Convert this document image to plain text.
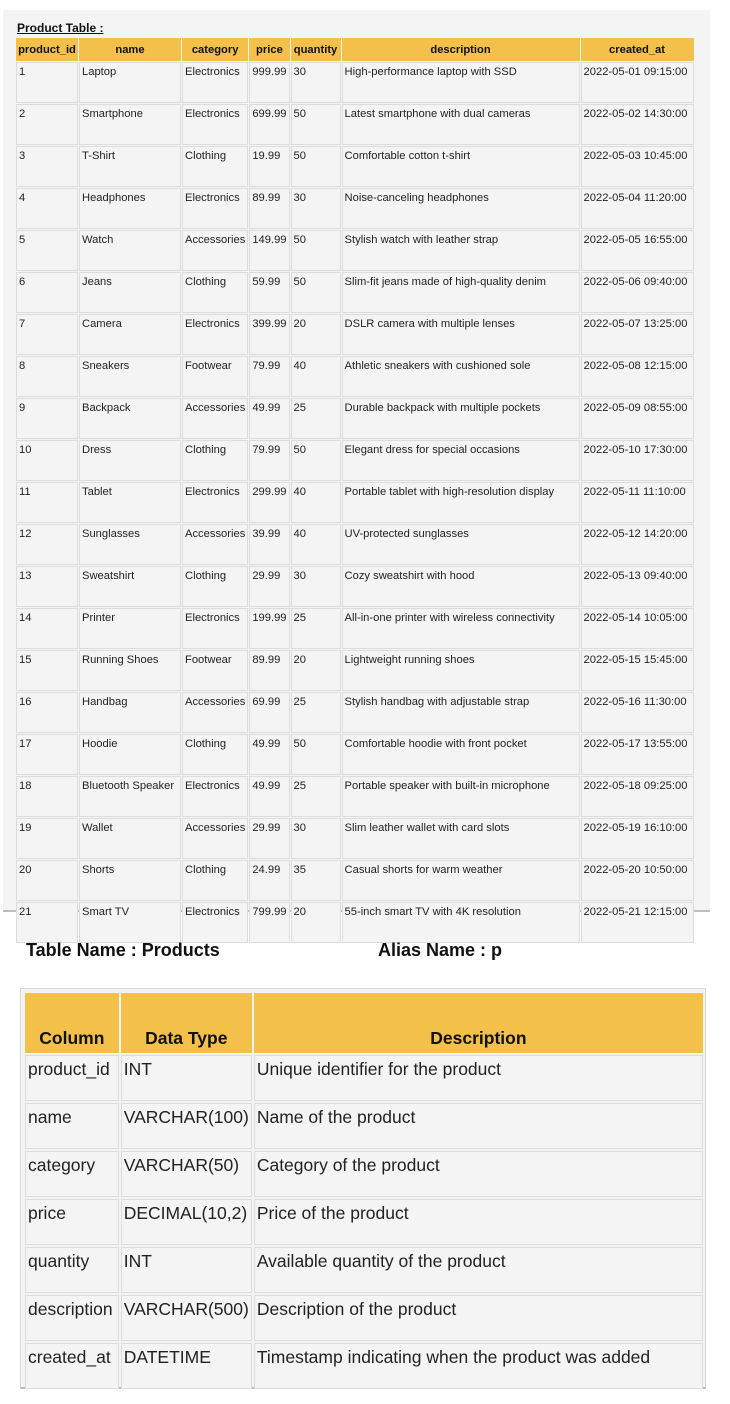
Product Table :
product_id	name	category	price	quantity	description	created_at
1	Laptop	Electronics	999.99	30	High-performance laptop with SSD	2022-05-01 09:15:00
2	Smartphone	Electronics	699.99	50	Latest smartphone with dual cameras	2022-05-02 14:30:00
3	T-Shirt	Clothing	19.99	50	Comfortable cotton t-shirt	2022-05-03 10:45:00
4	Headphones	Electronics	89.99	30	Noise-canceling headphones	2022-05-04 11:20:00
5	Watch	Accessories	149.99	50	Stylish watch with leather strap	2022-05-05 16:55:00
6	Jeans	Clothing	59.99	50	Slim-fit jeans made of high-quality denim	2022-05-06 09:40:00
7	Camera	Electronics	399.99	20	DSLR camera with multiple lenses	2022-05-07 13:25:00
8	Sneakers	Footwear	79.99	40	Athletic sneakers with cushioned sole	2022-05-08 12:15:00
9	Backpack	Accessories	49.99	25	Durable backpack with multiple pockets	2022-05-09 08:55:00
10	Dress	Clothing	79.99	50	Elegant dress for special occasions	2022-05-10 17:30:00
11	Tablet	Electronics	299.99	40	Portable tablet with high-resolution display	2022-05-11 11:10:00
12	Sunglasses	Accessories	39.99	40	UV-protected sunglasses	2022-05-12 14:20:00
13	Sweatshirt	Clothing	29.99	30	Cozy sweatshirt with hood	2022-05-13 09:40:00
14	Printer	Electronics	199.99	25	All-in-one printer with wireless connectivity	2022-05-14 10:05:00
15	Running Shoes	Footwear	89.99	20	Lightweight running shoes	2022-05-15 15:45:00
16	Handbag	Accessories	69.99	25	Stylish handbag with adjustable strap	2022-05-16 11:30:00
17	Hoodie	Clothing	49.99	50	Comfortable hoodie with front pocket	2022-05-17 13:55:00
18	Bluetooth Speaker	Electronics	49.99	25	Portable speaker with built-in microphone	2022-05-18 09:25:00
19	Wallet	Accessories	29.99	30	Slim leather wallet with card slots	2022-05-19 16:10:00
20	Shorts	Clothing	24.99	35	Casual shorts for warm weather	2022-05-20 10:50:00
21	Smart TV	Electronics	799.99	20	55-inch smart TV with 4K resolution	2022-05-21 12:15:00
Table Name : Products	Alias Name : p
Column	Data Type	Description
product_id	INT	Unique identifier for the product
name	VARCHAR(100)	Name of the product
category	VARCHAR(50)	Category of the product
price	DECIMAL(10,2)	Price of the product
quantity	INT	Available quantity of the product
description	VARCHAR(500)	Description of the product
created_at	DATETIME	Timestamp indicating when the product was added
